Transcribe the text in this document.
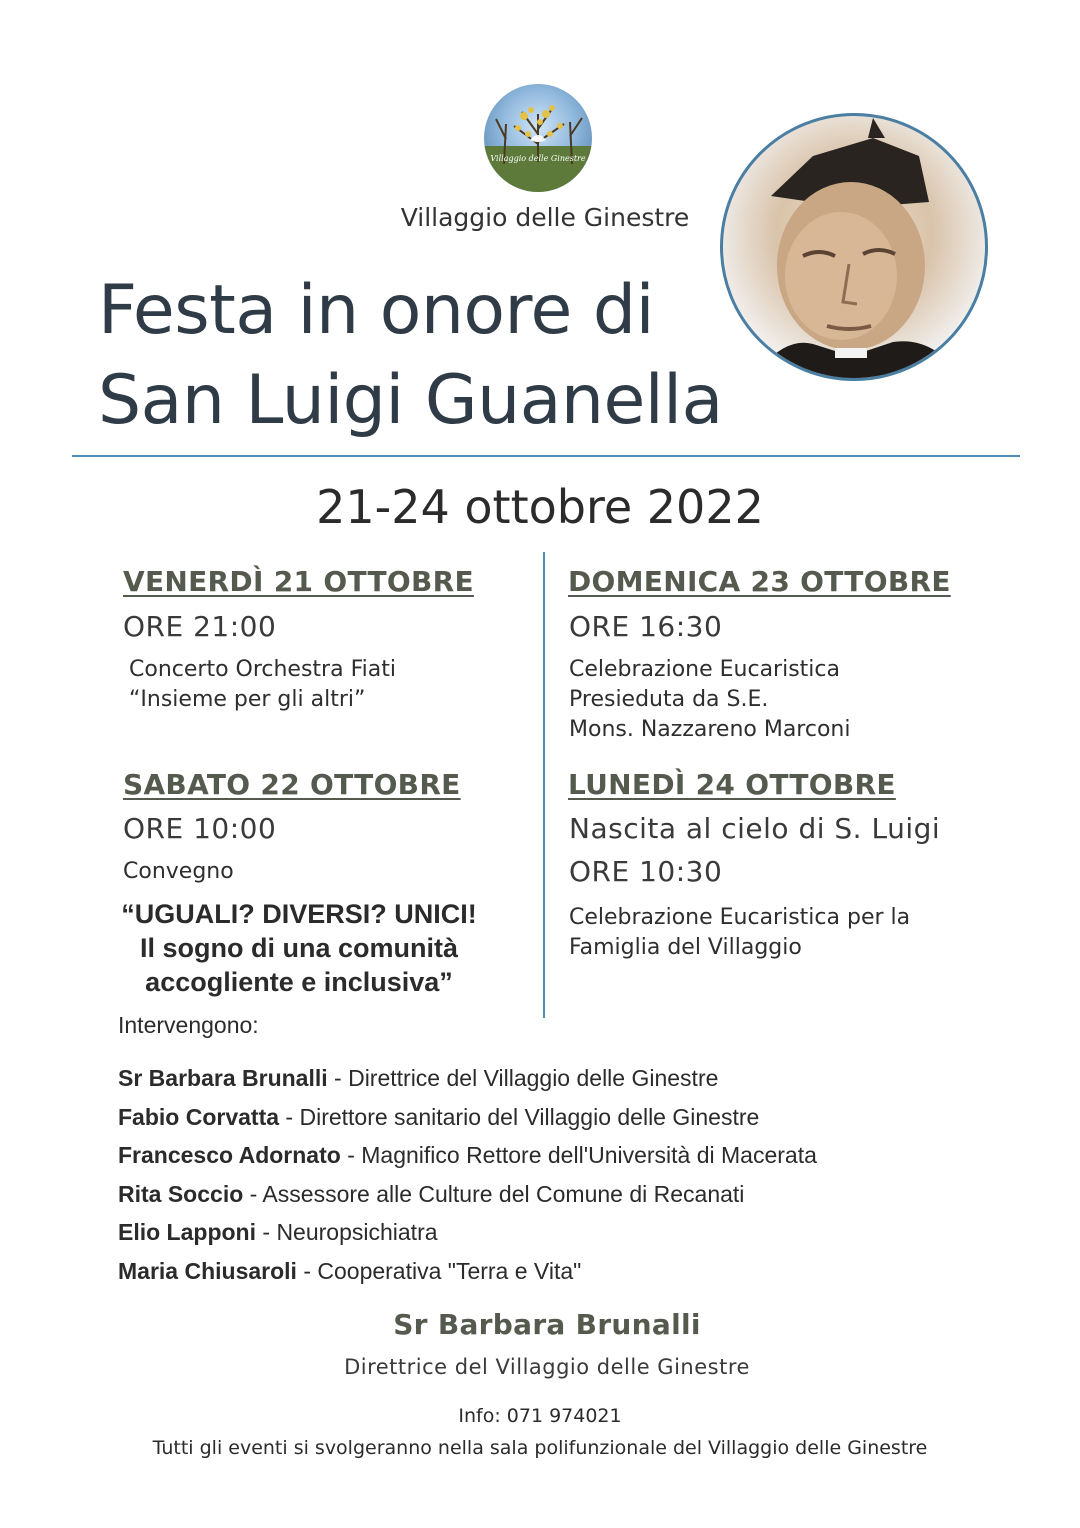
Villaggio delle Ginestre
Villaggio delle Ginestre
Festa in onore di
San Luigi Guanella
21-24 ottobre 2022
VENERDÌ 21 OTTOBRE
ORE 21:00
Concerto Orchestra Fiati
“Insieme per gli altri”
DOMENICA 23 OTTOBRE
ORE 16:30
Celebrazione Eucaristica
Presieduta da S.E.
Mons. Nazzareno Marconi
SABATO 22 OTTOBRE
ORE 10:00
Convegno
“UGUALI? DIVERSI? UNICI!
Il sogno di una comunità
accogliente e inclusiva”
LUNEDÌ 24 OTTOBRE
Nascita al cielo di S. Luigi
ORE 10:30
Celebrazione Eucaristica per la
Famiglia del Villaggio
Intervengono:
Sr Barbara Brunalli - Direttrice del Villaggio delle Ginestre
Fabio Corvatta - Direttore sanitario del Villaggio delle Ginestre
Francesco Adornato - Magnifico Rettore dell'Università di Macerata
Rita Soccio - Assessore alle Culture del Comune di Recanati
Elio Lapponi - Neuropsichiatra
Maria Chiusaroli - Cooperativa "Terra e Vita"
Sr Barbara Brunalli
Direttrice del Villaggio delle Ginestre
Info: 071 974021
Tutti gli eventi si svolgeranno nella sala polifunzionale del Villaggio delle Ginestre
